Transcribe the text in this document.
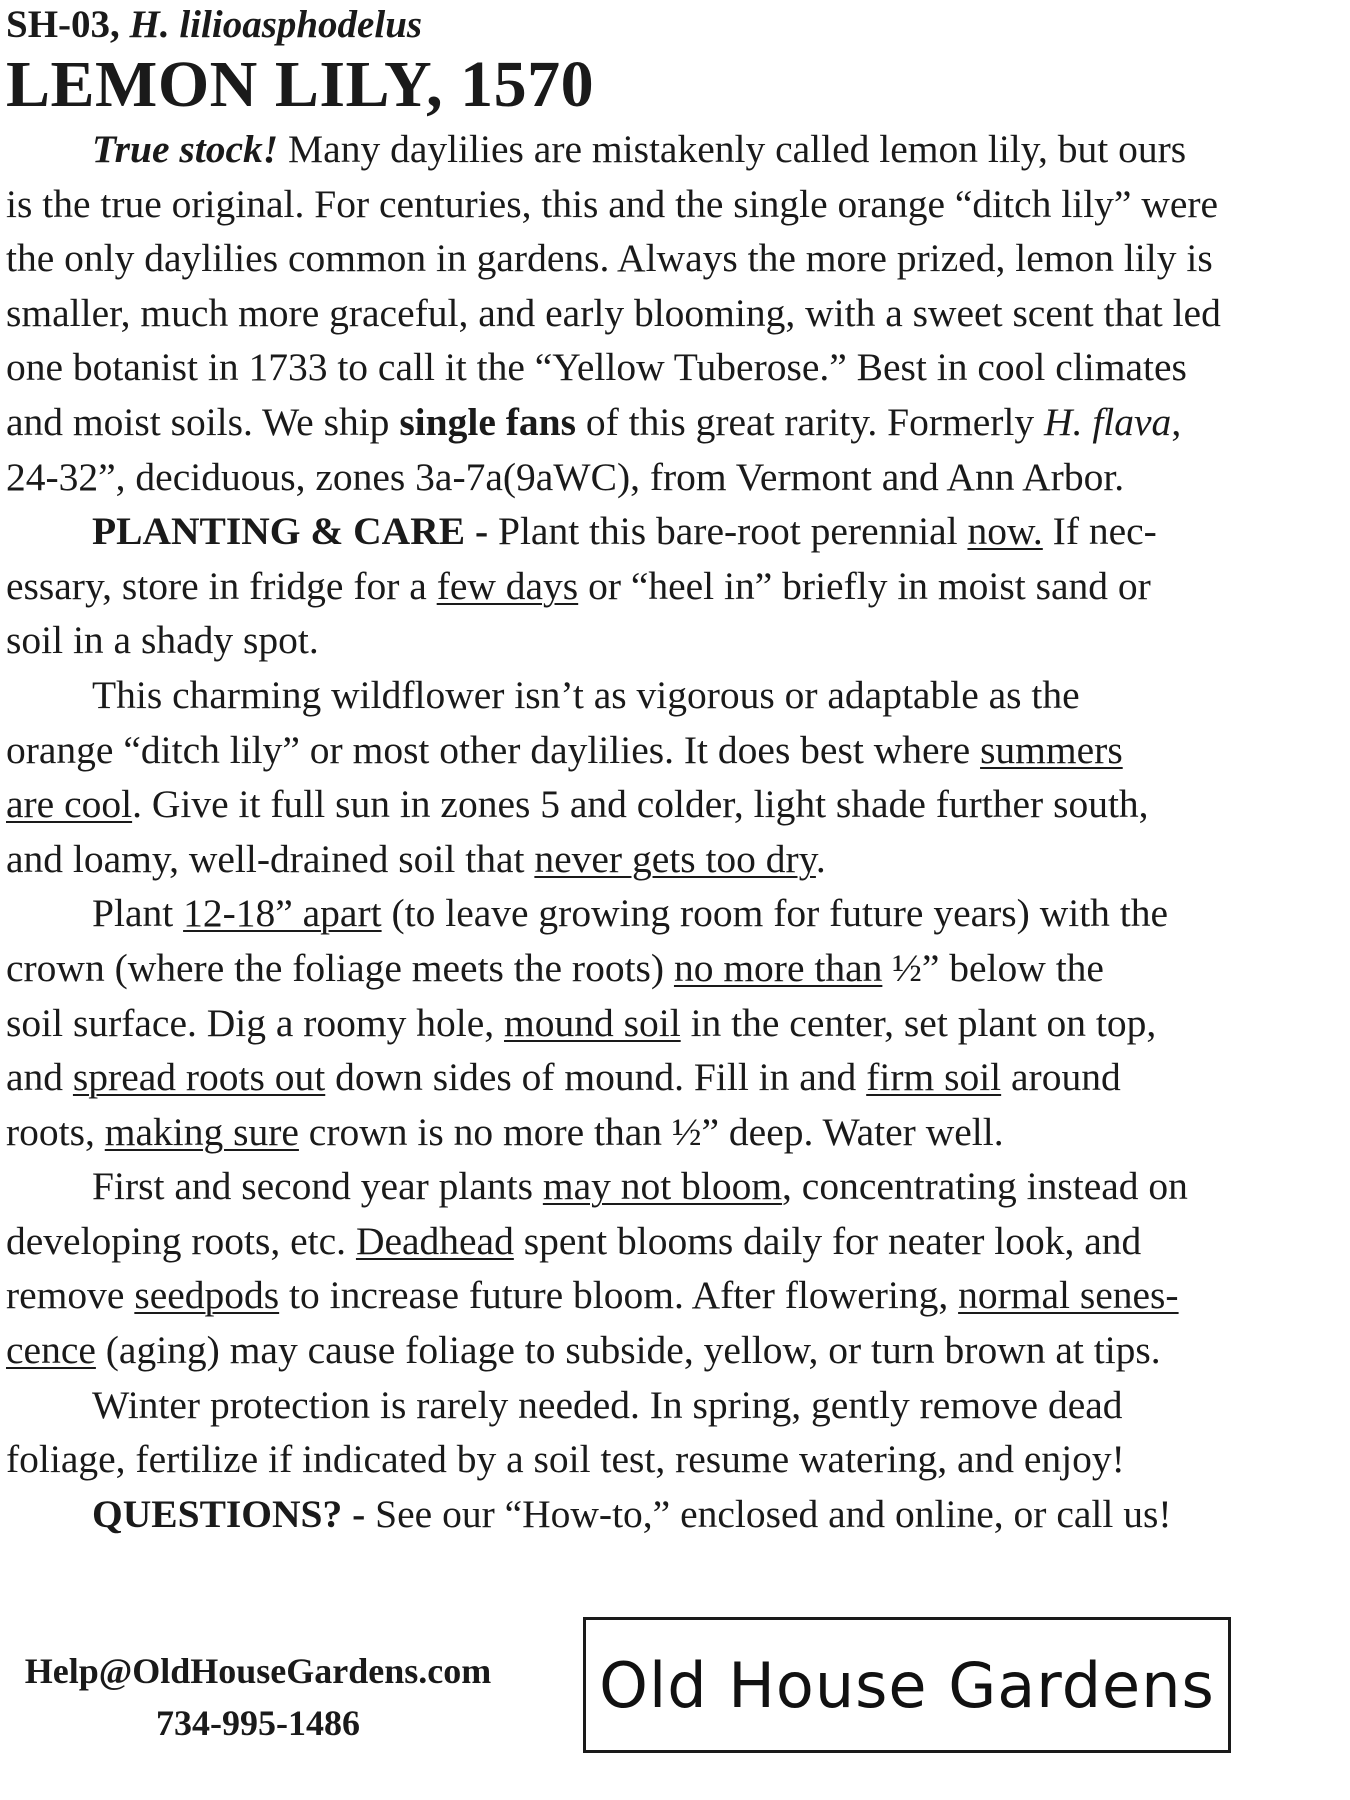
SH-03, H. lilioasphodelus
LEMON LILY, 1570
True stock! Many daylilies are mistakenly called lemon lily, but ours
is the true original. For centuries, this and the single orange “ditch lily” were
the only daylilies common in gardens. Always the more prized, lemon lily is
smaller, much more graceful, and early blooming, with a sweet scent that led
one botanist in 1733 to call it the “Yellow Tuberose.” Best in cool climates
and moist soils. We ship single fans of this great rarity. Formerly H. flava,
24-32”, deciduous, zones 3a-7a(9aWC), from Vermont and Ann Arbor.
PLANTING & CARE - Plant this bare-root perennial now. If nec-
essary, store in fridge for a few days or “heel in” briefly in moist sand or
soil in a shady spot.
This charming wildflower isn’t as vigorous or adaptable as the
orange “ditch lily” or most other daylilies. It does best where summers
are cool. Give it full sun in zones 5 and colder, light shade further south,
and loamy, well-drained soil that never gets too dry.
Plant 12-18” apart (to leave growing room for future years) with the
crown (where the foliage meets the roots) no more than ½” below the
soil surface. Dig a roomy hole, mound soil in the center, set plant on top,
and spread roots out down sides of mound. Fill in and firm soil around
roots, making sure crown is no more than ½” deep. Water well.
First and second year plants may not bloom, concentrating instead on
developing roots, etc. Deadhead spent blooms daily for neater look, and
remove seedpods to increase future bloom. After flowering, normal senes-
cence (aging) may cause foliage to subside, yellow, or turn brown at tips.
Winter protection is rarely needed. In spring, gently remove dead
foliage, fertilize if indicated by a soil test, resume watering, and enjoy!
QUESTIONS? - See our “How-to,” enclosed and online, or call us!
Help@OldHouseGardens.com
734-995-1486
Old House Gardens
